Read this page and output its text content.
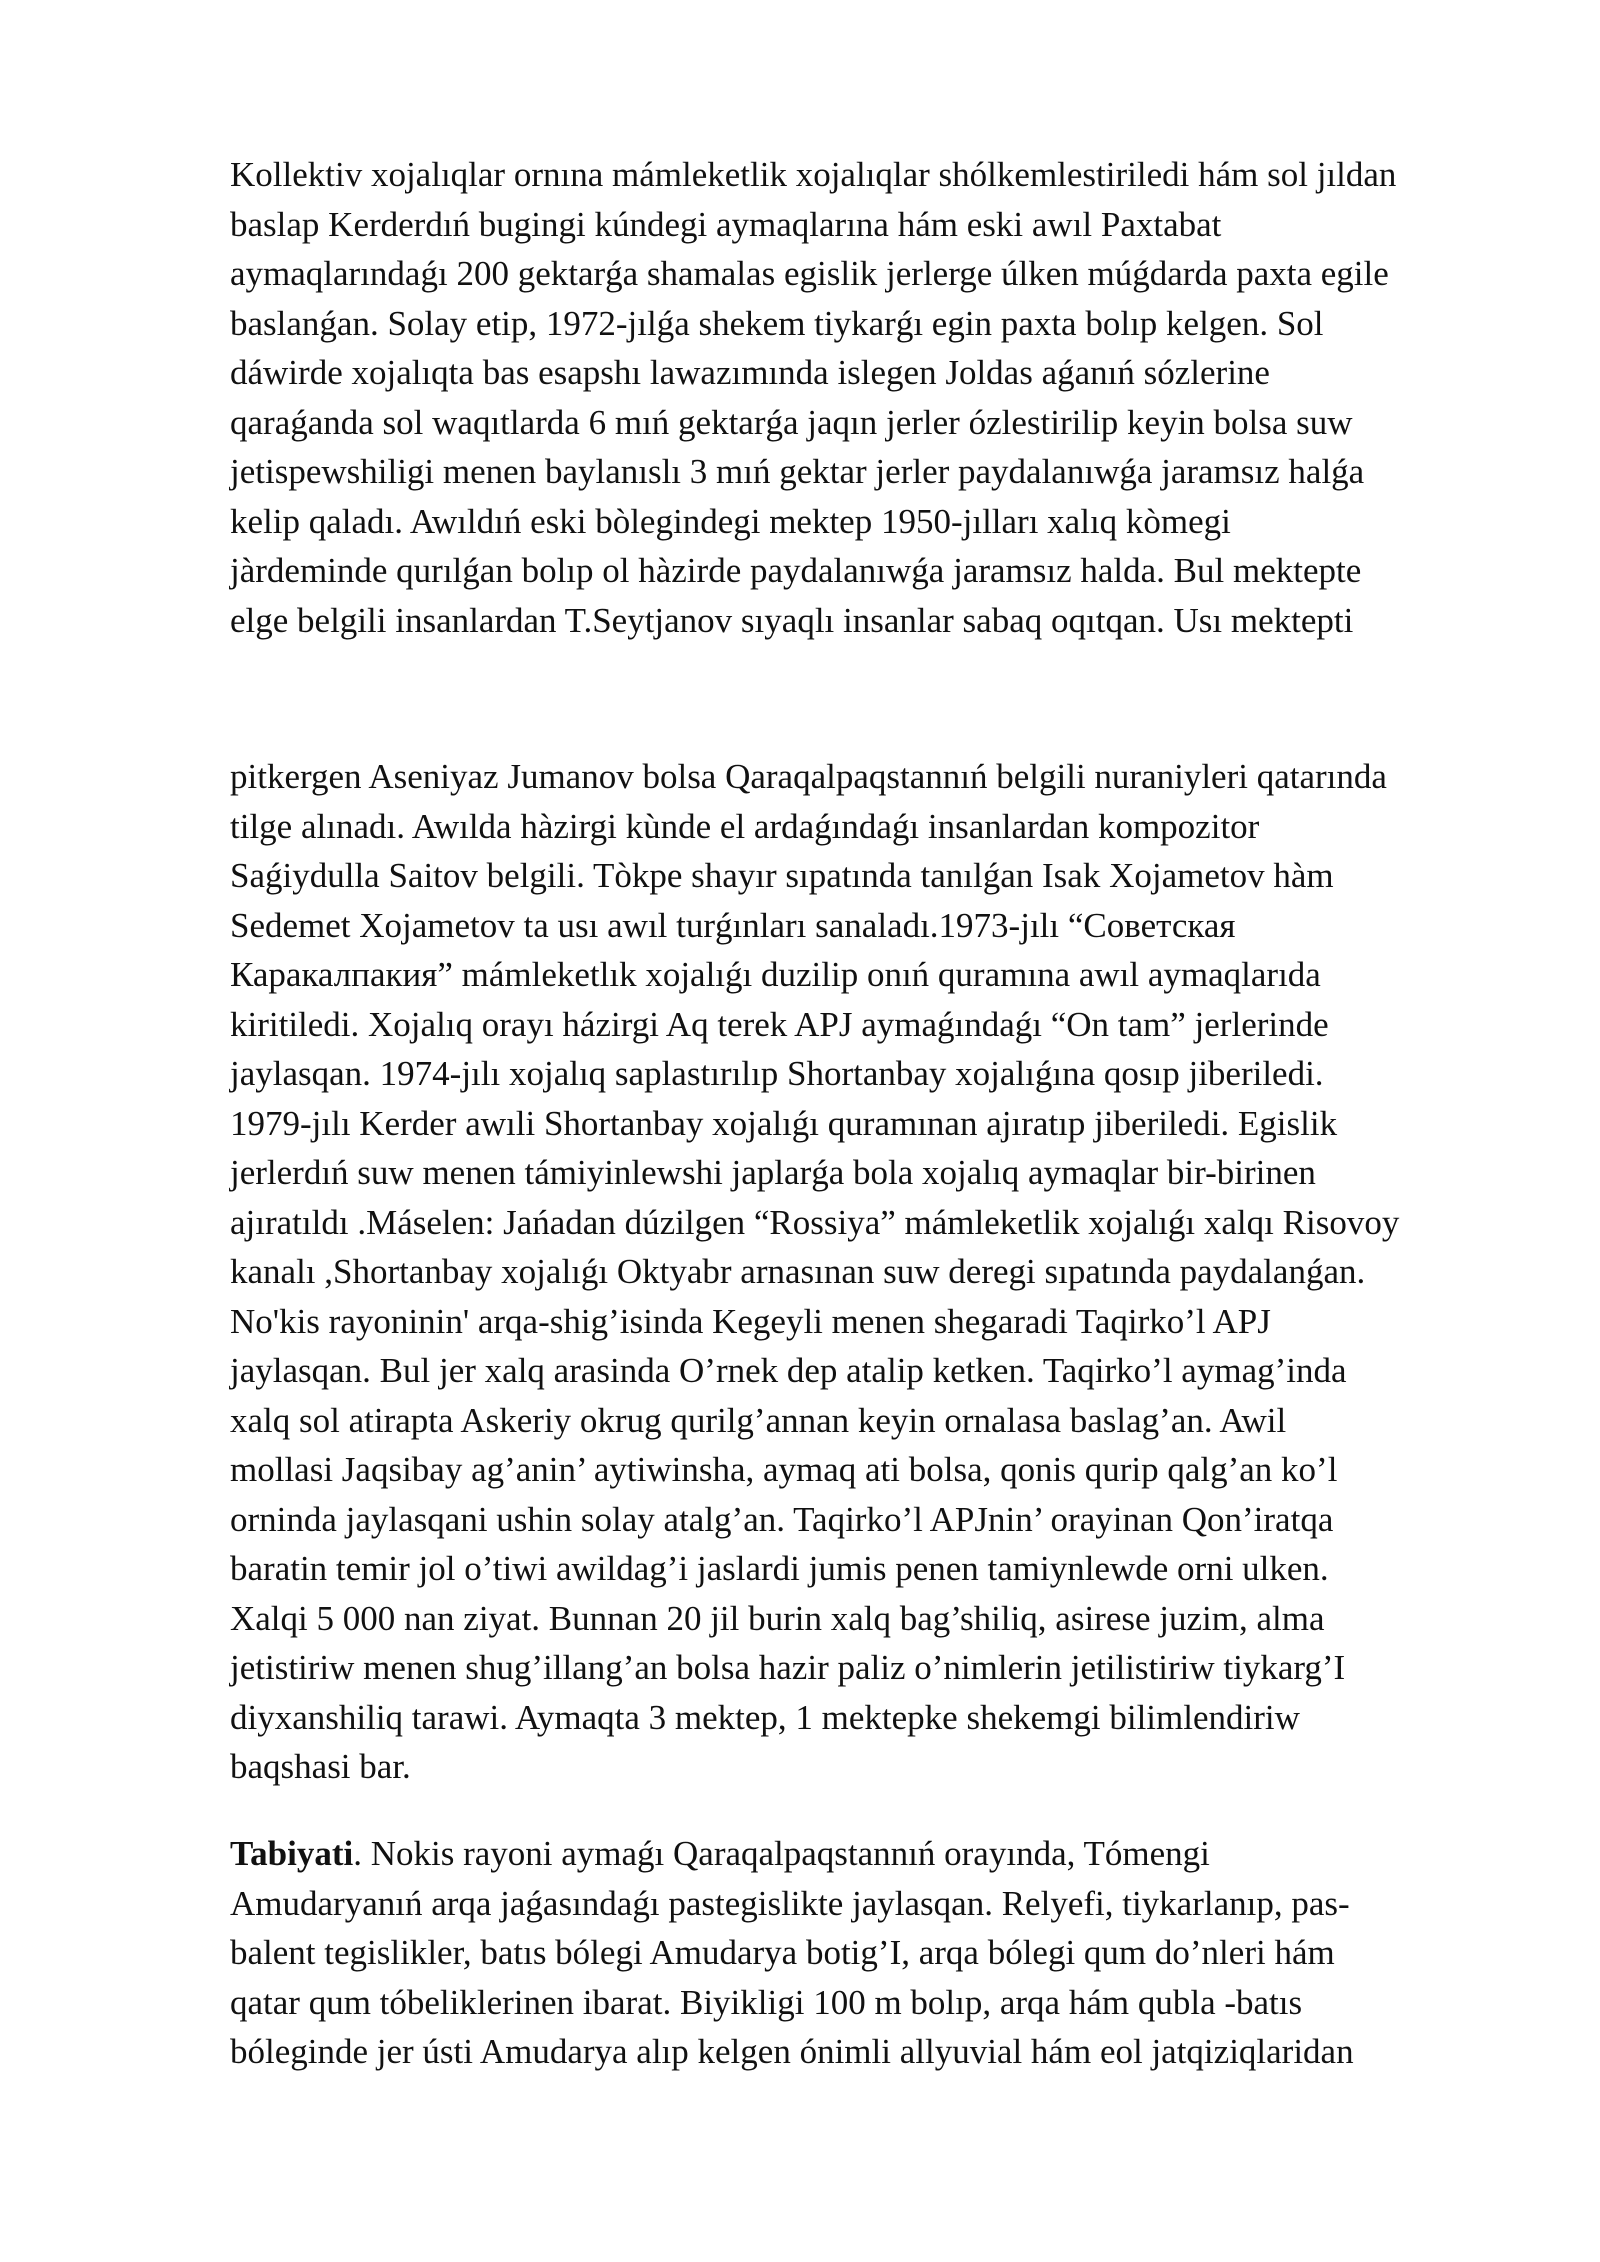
Kollektiv xojalıqlar ornına mámleketlik xojalıqlar shólkemlestiriledi hám sol jıldan
baslap Kerderdıń bugingi kúndegi aymaqlarına hám eski awıl Paxtabat
aymaqlarındaǵı 200 gektarǵa shamalas egislik jerlerge úlken múǵdarda paxta egile
baslanǵan. Solay etip, 1972-jılǵa shekem tiykarǵı egin paxta bolıp kelgen. Sol
dáwirde xojalıqta bas esapshı lawazımında islegen Joldas aǵanıń sózlerine
qaraǵanda sol waqıtlarda 6 mıń gektarǵa jaqın jerler ózlestirilip keyin bolsa suw
jetispewshiligi menen baylanıslı 3 mıń gektar jerler paydalanıwǵa jaramsız halǵa
kelip qaladı. Awıldıń eski bòlegindegi mektep 1950-jılları xalıq kòmegi
jàrdeminde qurılǵan bolıp ol hàzirde paydalanıwǵa jaramsız halda. Bul mektepte
elge belgili insanlardan T.Seytjanov sıyaqlı insanlar sabaq oqıtqan. Usı mektepti
pitkergen Aseniyaz Jumanov bolsa Qaraqalpaqstannıń belgili nuraniyleri qatarında
tilge alınadı. Awılda hàzirgi kùnde el ardaǵındaǵı insanlardan kompozitor
Saǵiydulla Saitov belgili. Tòkpe shayır sıpatında tanılǵan Isak Xojametov hàm
Sedemet Xojametov ta usı awıl turǵınları sanaladı.1973-jılı “Советская
Каракалпакия” mámleketlık xojalıǵı duzilip onıń quramına awıl aymaqlarıda
kiritiledi. Xojalıq orayı házirgi Aq terek APJ aymaǵındaǵı “On tam” jerlerinde
jaylasqan. 1974-jılı xojalıq saplastırılıp Shortanbay xojalıǵına qosıp jiberiledi.
1979-jılı Kerder awıli Shortanbay xojalıǵı quramınan ajıratıp jiberiledi. Egislik
jerlerdıń suw menen támiyinlewshi japlarǵa bola xojalıq aymaqlar bir-birinen
ajıratıldı .Máselen: Jańadan dúzilgen “Rossiya” mámleketlik xojalıǵı xalqı Risovoy
kanalı ,Shortanbay xojalıǵı Oktyabr arnasınan suw deregi sıpatında paydalanǵan.
No'kis rayoninin' arqa-shig’isinda Kegeyli menen shegaradi Taqirko’l APJ
jaylasqan. Bul jer xalq arasinda O’rnek dep atalip ketken. Taqirko’l aymag’inda
xalq sol atirapta Askeriy okrug qurilg’annan keyin ornalasa baslag’an. Awil
mollasi Jaqsibay ag’anin’ aytiwinsha, aymaq ati bolsa, qonis qurip qalg’an ko’l
orninda jaylasqani ushin solay atalg’an. Taqirko’l APJnin’ orayinan Qon’iratqa
baratin temir jol o’tiwi awildag’i jaslardi jumis penen tamiynlewde orni ulken.
Xalqi 5 000 nan ziyat. Bunnan 20 jil burin xalq bag’shiliq, asirese juzim, alma
jetistiriw menen shug’illang’an bolsa hazir paliz o’nimlerin jetilistiriw tiykarg’I
diyxanshiliq tarawi. Aymaqta 3 mektep, 1 mektepke shekemgi bilimlendiriw
baqshasi bar.
Tabiyati. Nokis rayoni aymaǵı Qaraqalpaqstannıń orayında, Tómengi
Amudaryanıń arqa jaǵasındaǵı pastegislikte jaylasqan. Relyefi, tiykarlanıp, pas-
balent tegislikler, batıs bólegi Amudarya botig’I, arqa bólegi qum do’nleri hám
qatar qum tóbeliklerinen ibarat. Biyikligi 100 m bolıp, arqa hám qubla -batıs
bóleginde jer ústi Amudarya alıp kelgen ónimli allyuvial hám eol jatqiziqlaridan
